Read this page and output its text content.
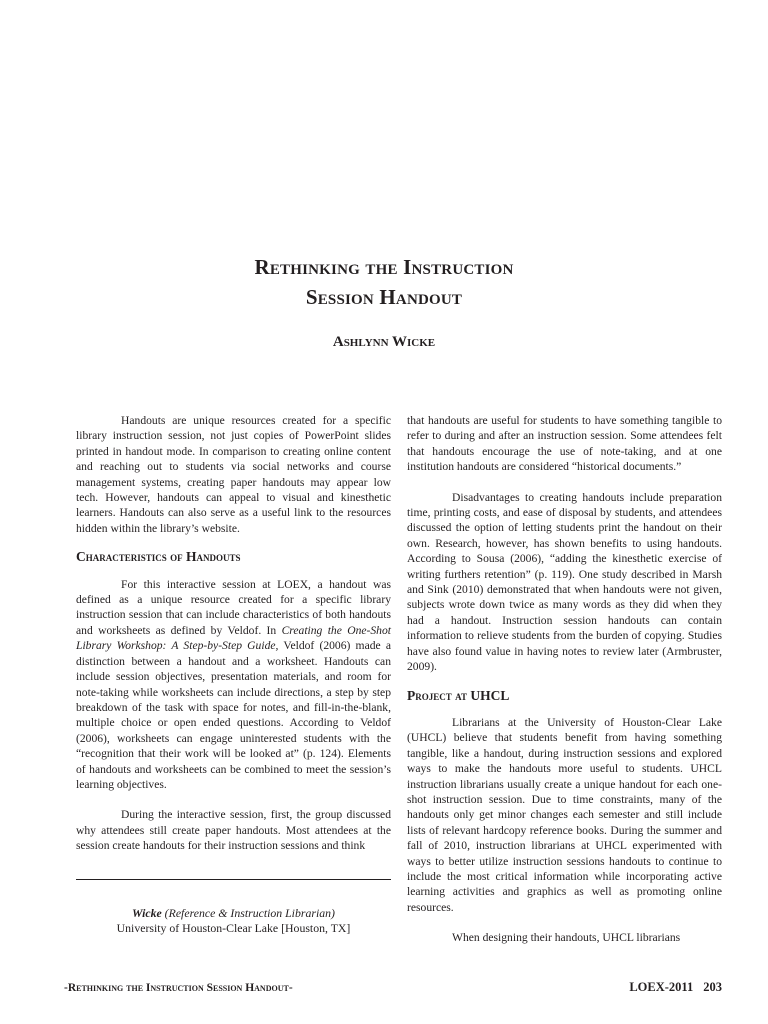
Rethinking the Instruction
Session Handout
Ashlynn Wicke

Handouts are unique resources created for a specific library instruction session, not just copies of PowerPoint slides printed in handout mode. In comparison to creating online content and reaching out to students via social networks and course management systems, creating paper handouts may appear low tech. However, handouts can appeal to visual and kinesthetic learners. Handouts can also serve as a useful link to the resources hidden within the library’s website.

Characteristics of Handouts

For this interactive session at LOEX, a handout was defined as a unique resource created for a specific library instruction session that can include characteristics of both handouts and worksheets as defined by Veldof. In Creating the One-Shot Library Workshop: A Step-by-Step Guide, Veldof (2006) made a distinction between a handout and a worksheet. Handouts can include session objectives, presentation materials, and room for note-taking while worksheets can include directions, a step by step breakdown of the task with space for notes, and fill-in-the-blank, multiple choice or open ended questions. According to Veldof (2006), worksheets can engage uninterested students with the “recognition that their work will be looked at” (p. 124). Elements of handouts and worksheets can be combined to meet the session’s learning objectives.

During the interactive session, first, the group discussed why attendees still create paper handouts. Most attendees at the session create handouts for their instruction sessions and think

Wicke (Reference & Instruction Librarian)
University of Houston-Clear Lake [Houston, TX]

that handouts are useful for students to have something tangible to refer to during and after an instruction session. Some attendees felt that handouts encourage the use of note-taking, and at one institution handouts are considered “historical documents.”

Disadvantages to creating handouts include preparation time, printing costs, and ease of disposal by students, and attendees discussed the option of letting students print the handout on their own. Research, however, has shown benefits to using handouts. According to Sousa (2006), “adding the kinesthetic exercise of writing furthers retention” (p. 119). One study described in Marsh and Sink (2010) demonstrated that when handouts were not given, subjects wrote down twice as many words as they did when they had a handout. Instruction session handouts can contain information to relieve students from the burden of copying. Studies have also found value in having notes to review later (Armbruster, 2009).

Project at UHCL

Librarians at the University of Houston-Clear Lake (UHCL) believe that students benefit from having something tangible, like a handout, during instruction sessions and explored ways to make the handouts more useful to students. UHCL instruction librarians usually create a unique handout for each one-shot instruction session. Due to time constraints, many of the handouts only get minor changes each semester and still include lists of relevant hardcopy reference books. During the summer and fall of 2010, instruction librarians at UHCL experimented with ways to better utilize instruction sessions handouts to continue to include the most critical information while incorporating active learning activities and graphics as well as promoting online resources.

When designing their handouts, UHCL librarians

-Rethinking the Instruction Session Handout-	LOEX-2011 203
